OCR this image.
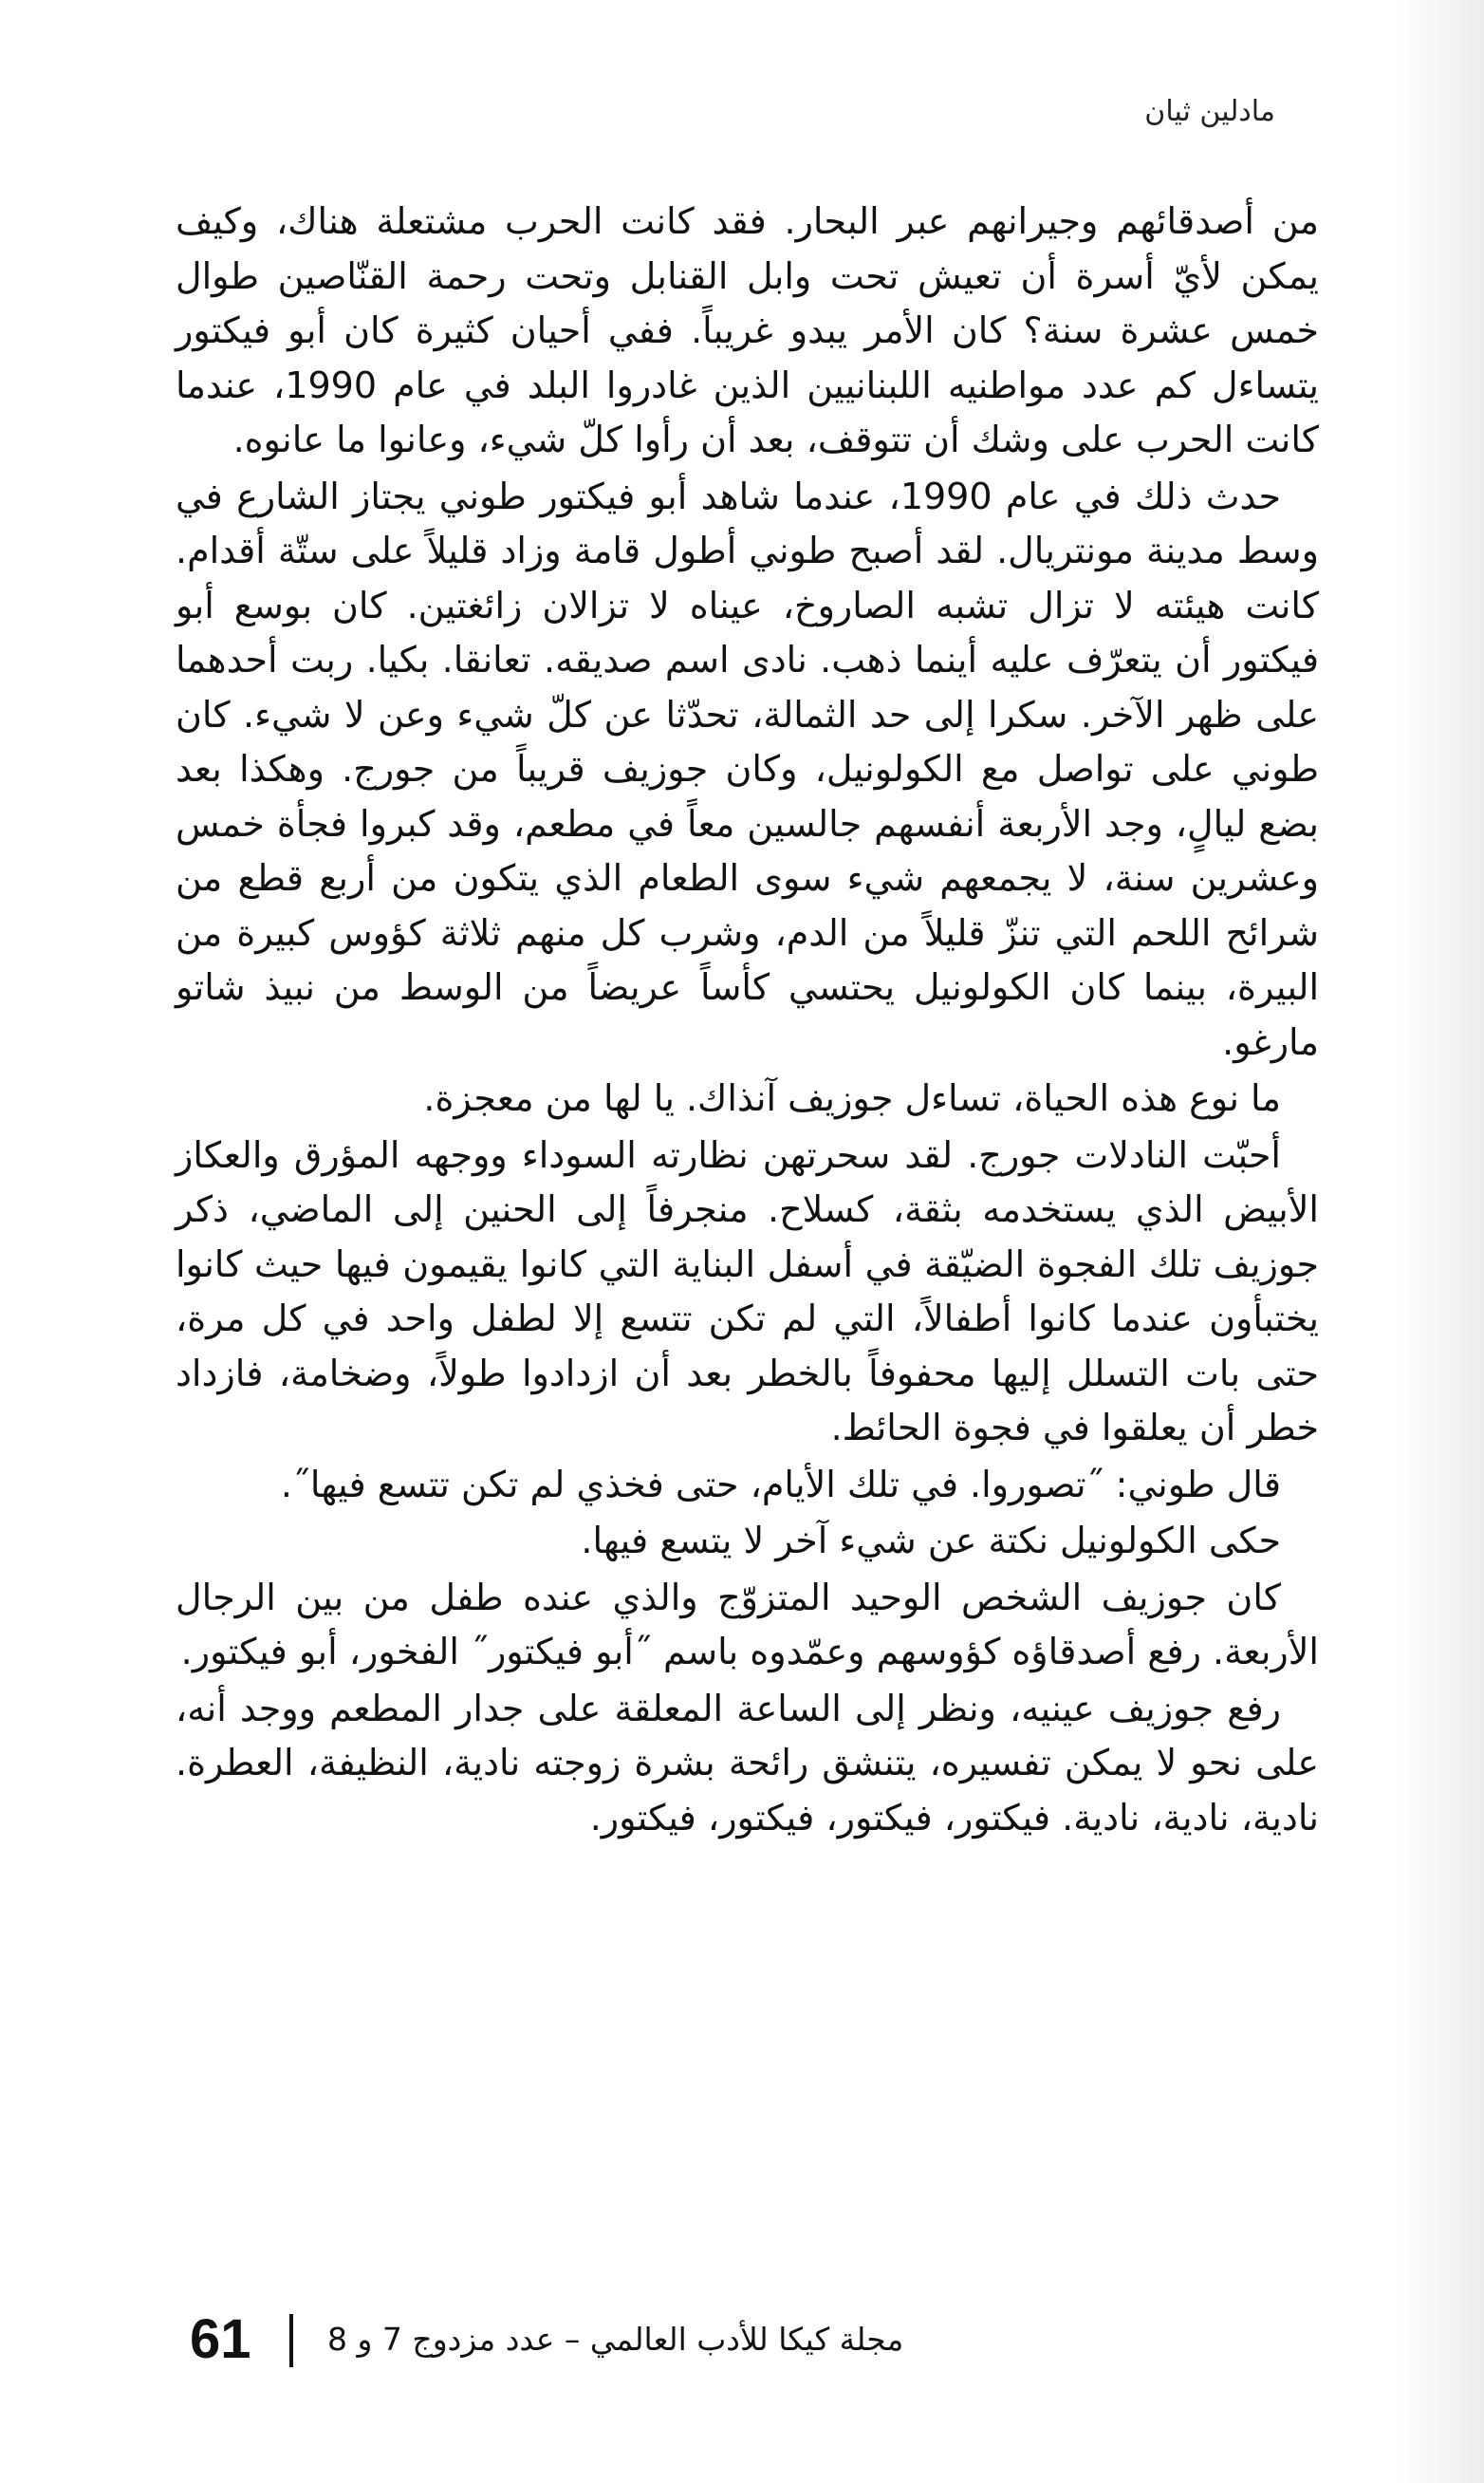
مادلين ثيان

من أصدقائهم وجيرانهم عبر البحار. فقد كانت الحرب مشتعلة هناك، وكيف يمكن لأيّ أسرة أن تعيش تحت وابل القنابل وتحت رحمة القنّاصين طوال خمس عشرة سنة؟ كان الأمر يبدو غريباً. ففي أحيان كثيرة كان أبو فيكتور يتساءل كم عدد مواطنيه اللبنانيين الذين غادروا البلد في عام 1990، عندما كانت الحرب على وشك أن تتوقف، بعد أن رأوا كلّ شيء، وعانوا ما عانوه.

حدث ذلك في عام 1990، عندما شاهد أبو فيكتور طوني يجتاز الشارع في وسط مدينة مونتريال. لقد أصبح طوني أطول قامة وزاد قليلاً على ستّة أقدام. كانت هيئته لا تزال تشبه الصاروخ، عيناه لا تزالان زائغتين. كان بوسع أبو فيكتور أن يتعرّف عليه أينما ذهب. نادى اسم صديقه. تعانقا. بكيا. ربت أحدهما على ظهر الآخر. سكرا إلى حد الثمالة، تحدّثا عن كلّ شيء وعن لا شيء. كان طوني على تواصل مع الكولونيل، وكان جوزيف قريباً من جورج. وهكذا بعد بضع ليالٍ، وجد الأربعة أنفسهم جالسين معاً في مطعم، وقد كبروا فجأة خمس وعشرين سنة، لا يجمعهم شيء سوى الطعام الذي يتكون من أربع قطع من شرائح اللحم التي تنزّ قليلاً من الدم، وشرب كل منهم ثلاثة كؤوس كبيرة من البيرة، بينما كان الكولونيل يحتسي كأساً عريضاً من الوسط من نبيذ شاتو مارغو.

ما نوع هذه الحياة، تساءل جوزيف آنذاك. يا لها من معجزة.

أحبّت النادلات جورج. لقد سحرتهن نظارته السوداء ووجهه المؤرق والعكاز الأبيض الذي يستخدمه بثقة، كسلاح. منجرفاً إلى الحنين إلى الماضي، ذكر جوزيف تلك الفجوة الضيّقة في أسفل البناية التي كانوا يقيمون فيها حيث كانوا يختبأون عندما كانوا أطفالاً، التي لم تكن تتسع إلا لطفل واحد في كل مرة، حتى بات التسلل إليها محفوفاً بالخطر بعد أن ازدادوا طولاً، وضخامة، فازداد خطر أن يعلقوا في فجوة الحائط.

قال طوني: ˝تصوروا. في تلك الأيام، حتى فخذي لم تكن تتسع فيها˝.

حكى الكولونيل نكتة عن شيء آخر لا يتسع فيها.

كان جوزيف الشخص الوحيد المتزوّج والذي عنده طفل من بين الرجال الأربعة. رفع أصدقاؤه كؤوسهم وعمّدوه باسم ˝أبو فيكتور˝ الفخور، أبو فيكتور.

رفع جوزيف عينيه، ونظر إلى الساعة المعلقة على جدار المطعم ووجد أنه، على نحو لا يمكن تفسيره، يتنشق رائحة بشرة زوجته نادية، النظيفة، العطرة. نادية، نادية، نادية. فيكتور، فيكتور، فيكتور، فيكتور.

61 مجلة كيكا للأدب العالمي – عدد مزدوج 7 و 8
